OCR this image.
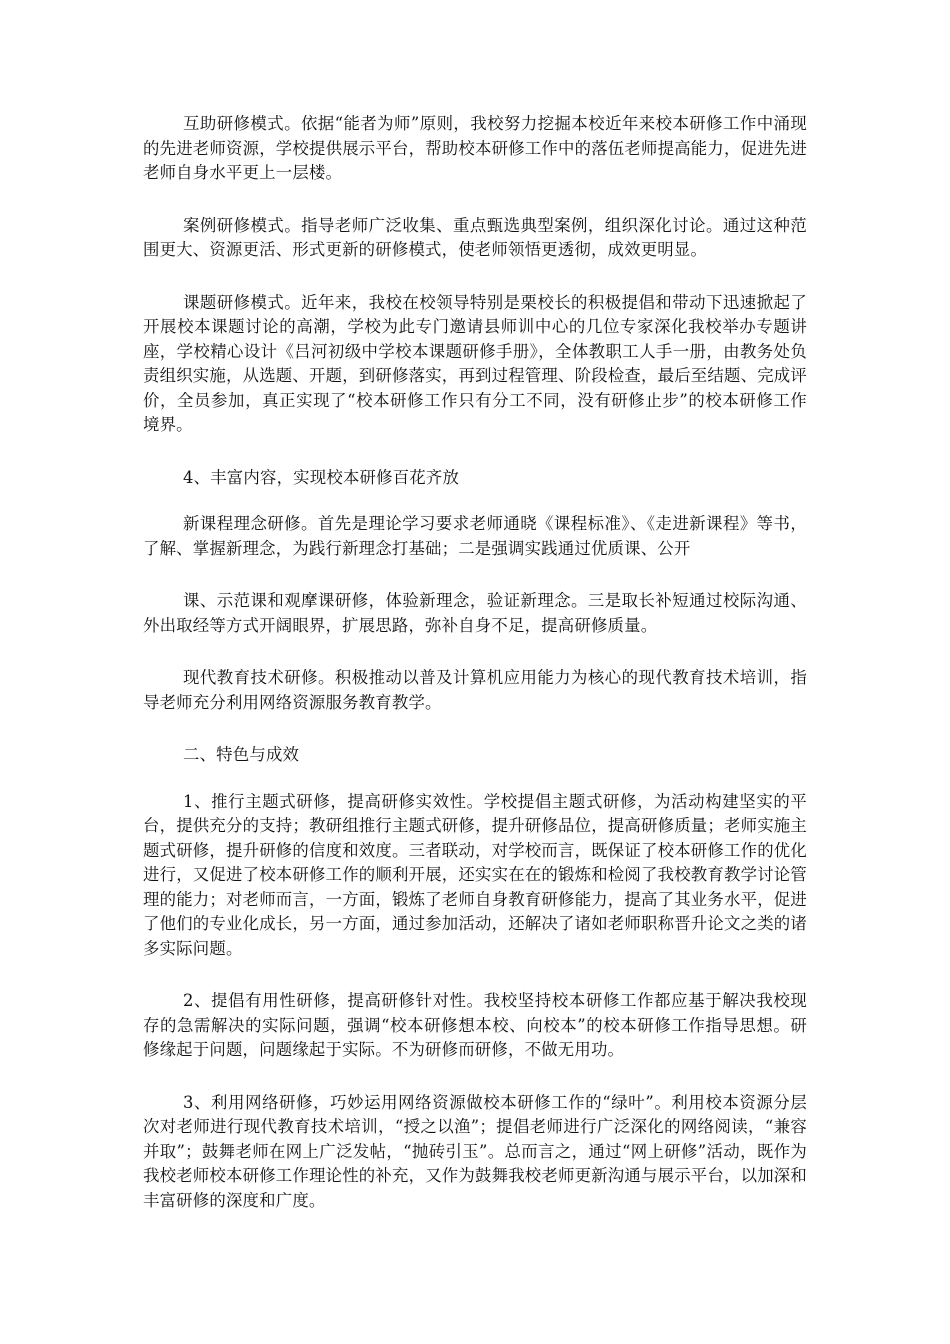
互助研修模式。依据“能者为师”原则，我校努力挖掘本校近年来校本研修工作中涌现的先进老师资源，学校提供展示平台，帮助校本研修工作中的落伍老师提高能力，促进先进老师自身水平更上一层楼。

案例研修模式。指导老师广泛收集、重点甄选典型案例，组织深化讨论。通过这种范围更大、资源更活、形式更新的研修模式，使老师领悟更透彻，成效更明显。

课题研修模式。近年来，我校在校领导特别是栗校长的积极提倡和带动下迅速掀起了开展校本课题讨论的高潮，学校为此专门邀请县师训中心的几位专家深化我校举办专题讲座，学校精心设计《吕河初级中学校本课题研修手册》，全体教职工人手一册，由教务处负责组织实施，从选题、开题，到研修落实，再到过程管理、阶段检查，最后至结题、完成评价，全员参加，真正实现了“校本研修工作只有分工不同，没有研修止步”的校本研修工作境界。

4、丰富内容，实现校本研修百花齐放

新课程理念研修。首先是理论学习要求老师通晓《课程标准》、《走进新课程》等书，了解、掌握新理念，为践行新理念打基础；二是强调实践通过优质课、公开

课、示范课和观摩课研修，体验新理念，验证新理念。三是取长补短通过校际沟通、外出取经等方式开阔眼界，扩展思路，弥补自身不足，提高研修质量。

现代教育技术研修。积极推动以普及计算机应用能力为核心的现代教育技术培训，指导老师充分利用网络资源服务教育教学。

二、特色与成效

1、推行主题式研修，提高研修实效性。学校提倡主题式研修，为活动构建坚实的平台，提供充分的支持；教研组推行主题式研修，提升研修品位，提高研修质量；老师实施主题式研修，提升研修的信度和效度。三者联动，对学校而言，既保证了校本研修工作的优化进行，又促进了校本研修工作的顺利开展，还实实在在的锻炼和检阅了我校教育教学讨论管理的能力；对老师而言，一方面，锻炼了老师自身教育研修能力，提高了其业务水平，促进了他们的专业化成长，另一方面，通过参加活动，还解决了诸如老师职称晋升论文之类的诸多实际问题。

2、提倡有用性研修，提高研修针对性。我校坚持校本研修工作都应基于解决我校现存的急需解决的实际问题，强调“校本研修想本校、向校本”的校本研修工作指导思想。研修缘起于问题，问题缘起于实际。不为研修而研修，不做无用功。

3、利用网络研修，巧妙运用网络资源做校本研修工作的“绿叶”。利用校本资源分层次对老师进行现代教育技术培训，“授之以渔”；提倡老师进行广泛深化的网络阅读，“兼容并取”；鼓舞老师在网上广泛发帖，“抛砖引玉”。总而言之，通过“网上研修”活动，既作为我校老师校本研修工作理论性的补充，又作为鼓舞我校老师更新沟通与展示平台，以加深和丰富研修的深度和广度。
